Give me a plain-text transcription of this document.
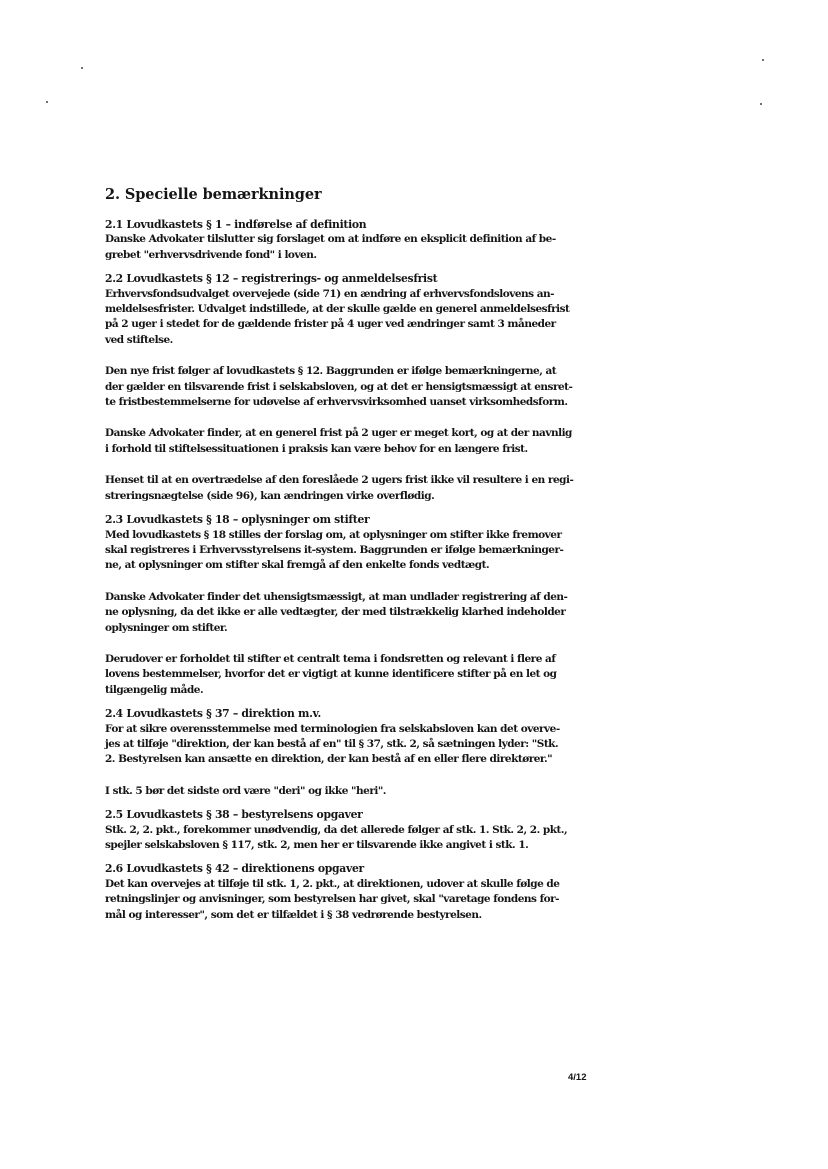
2. Specielle bemærkninger
2.1 Lovudkastets § 1 – indførelse af definition
Danske Advokater tilslutter sig forslaget om at indføre en eksplicit definition af be-
grebet "erhvervsdrivende fond" i loven.
2.2 Lovudkastets § 12 – registrerings- og anmeldelsesfrist
Erhvervsfondsudvalget overvejede (side 71) en ændring af erhvervsfondslovens an-
meldelsesfrister. Udvalget indstillede, at der skulle gælde en generel anmeldelsesfrist
på 2 uger i stedet for de gældende frister på 4 uger ved ændringer samt 3 måneder
ved stiftelse.
Den nye frist følger af lovudkastets § 12. Baggrunden er ifølge bemærkningerne, at
der gælder en tilsvarende frist i selskabsloven, og at det er hensigtsmæssigt at ensret-
te fristbestemmelserne for udøvelse af erhvervsvirksomhed uanset virksomhedsform.
Danske Advokater finder, at en generel frist på 2 uger er meget kort, og at der navnlig
i forhold til stiftelsessituationen i praksis kan være behov for en længere frist.
Henset til at en overtrædelse af den foreslåede 2 ugers frist ikke vil resultere i en regi-
streringsnægtelse (side 96), kan ændringen virke overflødig.
2.3 Lovudkastets § 18 – oplysninger om stifter
Med lovudkastets § 18 stilles der forslag om, at oplysninger om stifter ikke fremover
skal registreres i Erhvervsstyrelsens it-system. Baggrunden er ifølge bemærkninger-
ne, at oplysninger om stifter skal fremgå af den enkelte fonds vedtægt.
Danske Advokater finder det uhensigtsmæssigt, at man undlader registrering af den-
ne oplysning, da det ikke er alle vedtægter, der med tilstrækkelig klarhed indeholder
oplysninger om stifter.
Derudover er forholdet til stifter et centralt tema i fondsretten og relevant i flere af
lovens bestemmelser, hvorfor det er vigtigt at kunne identificere stifter på en let og
tilgængelig måde.
2.4 Lovudkastets § 37 – direktion m.v.
For at sikre overensstemmelse med terminologien fra selskabsloven kan det overve-
jes at tilføje "direktion, der kan bestå af en" til § 37, stk. 2, så sætningen lyder: "Stk.
2. Bestyrelsen kan ansætte en direktion, der kan bestå af en eller flere direktører."
I stk. 5 bør det sidste ord være "deri" og ikke "heri".
2.5 Lovudkastets § 38 – bestyrelsens opgaver
Stk. 2, 2. pkt., forekommer unødvendig, da det allerede følger af stk. 1. Stk. 2, 2. pkt.,
spejler selskabsloven § 117, stk. 2, men her er tilsvarende ikke angivet i stk. 1.
2.6 Lovudkastets § 42 – direktionens opgaver
Det kan overvejes at tilføje til stk. 1, 2. pkt., at direktionen, udover at skulle følge de
retningslinjer og anvisninger, som bestyrelsen har givet, skal "varetage fondens for-
mål og interesser", som det er tilfældet i § 38 vedrørende bestyrelsen.
4/12
